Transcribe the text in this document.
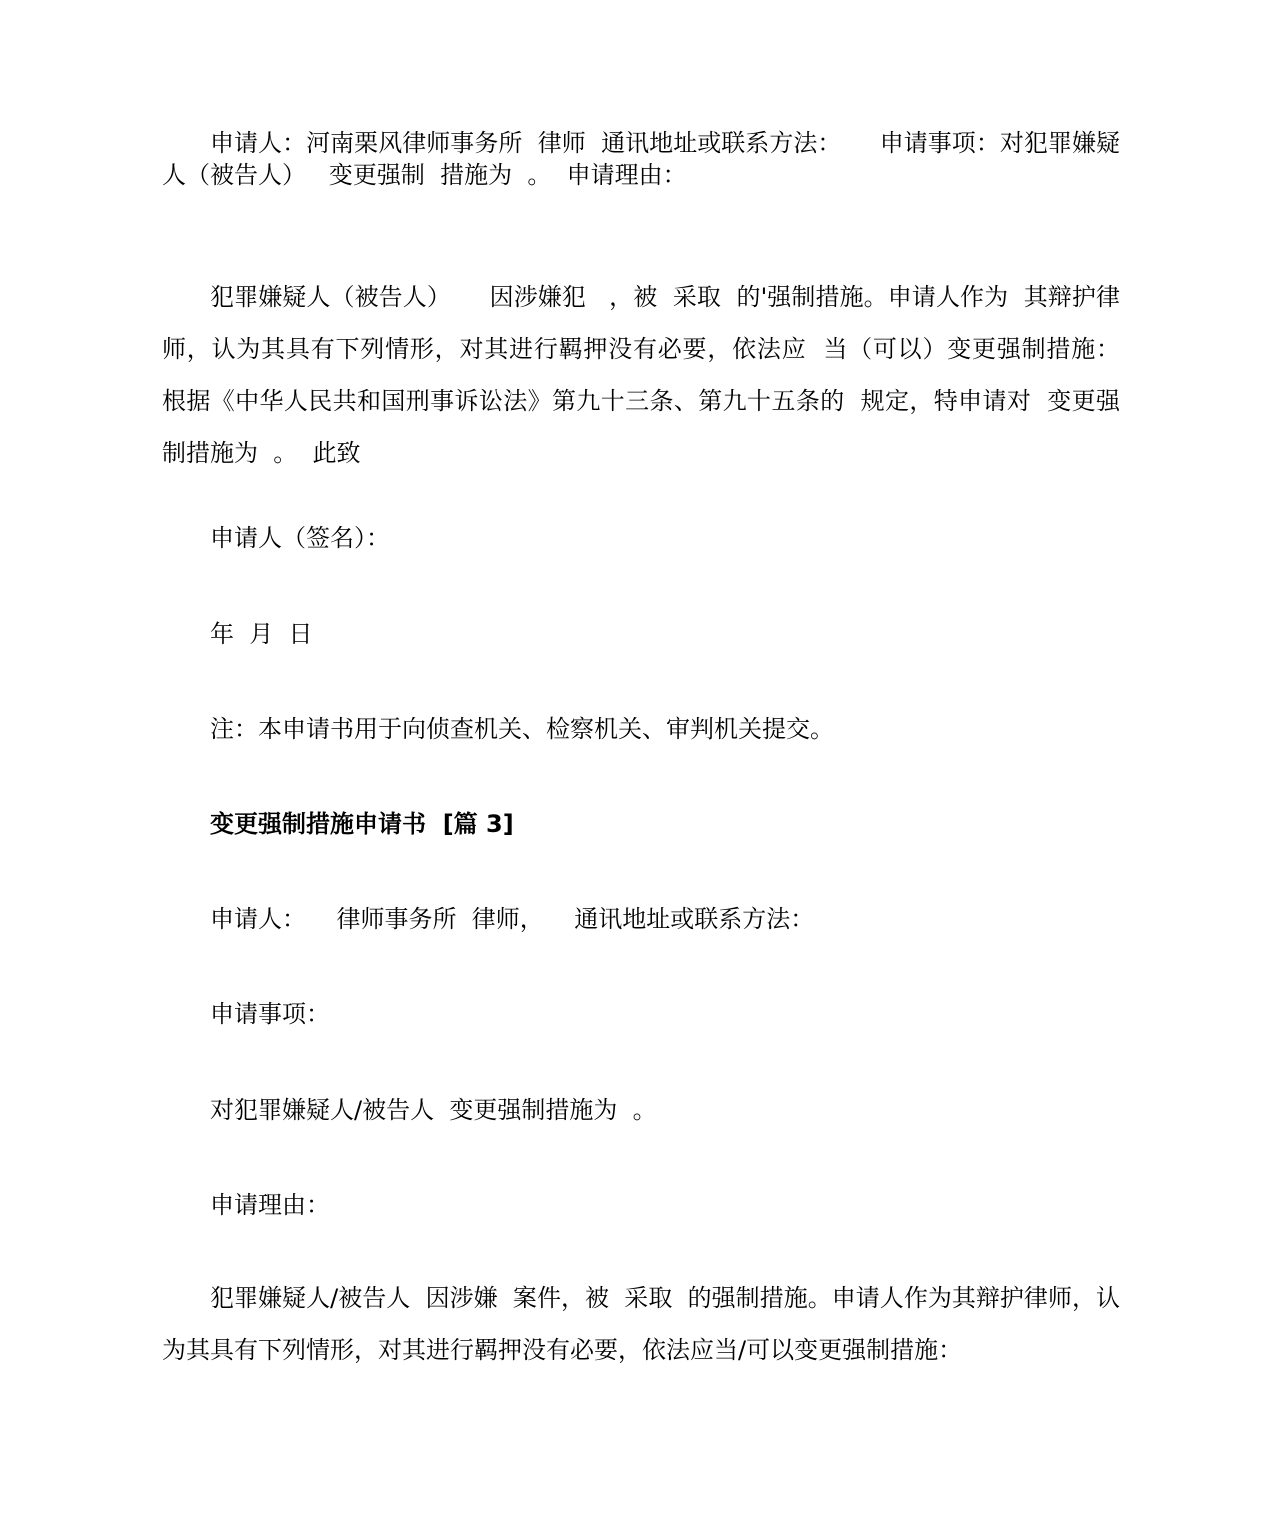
申请人：河南栗风律师事务所  律师  通讯地址或联系方法：     申请事项：对犯罪嫌疑人（被告人）   变更强制  措施为  。  申请理由：

犯罪嫌疑人（被告人）     因涉嫌犯   ，被  采取  的'强制措施。申请人作为  其辩护律师，认为其具有下列情形，对其进行羁押没有必要，依法应  当（可以）变更强制措施：     根据《中华人民共和国刑事诉讼法》第九十三条、第九十五条的  规定，特申请对  变更强制措施为  。  此致

申请人（签名）：

年  月  日

注：本申请书用于向侦查机关、检察机关、审判机关提交。

变更强制措施申请书  [篇 3]

申请人：    律师事务所  律师，    通讯地址或联系方法：

申请事项：

对犯罪嫌疑人/被告人  变更强制措施为  。

申请理由：

犯罪嫌疑人/被告人  因涉嫌  案件，被  采取  的强制措施。申请人作为其辩护律师，认为其具有下列情形，对其进行羁押没有必要，依法应当/可以变更强制措施：
